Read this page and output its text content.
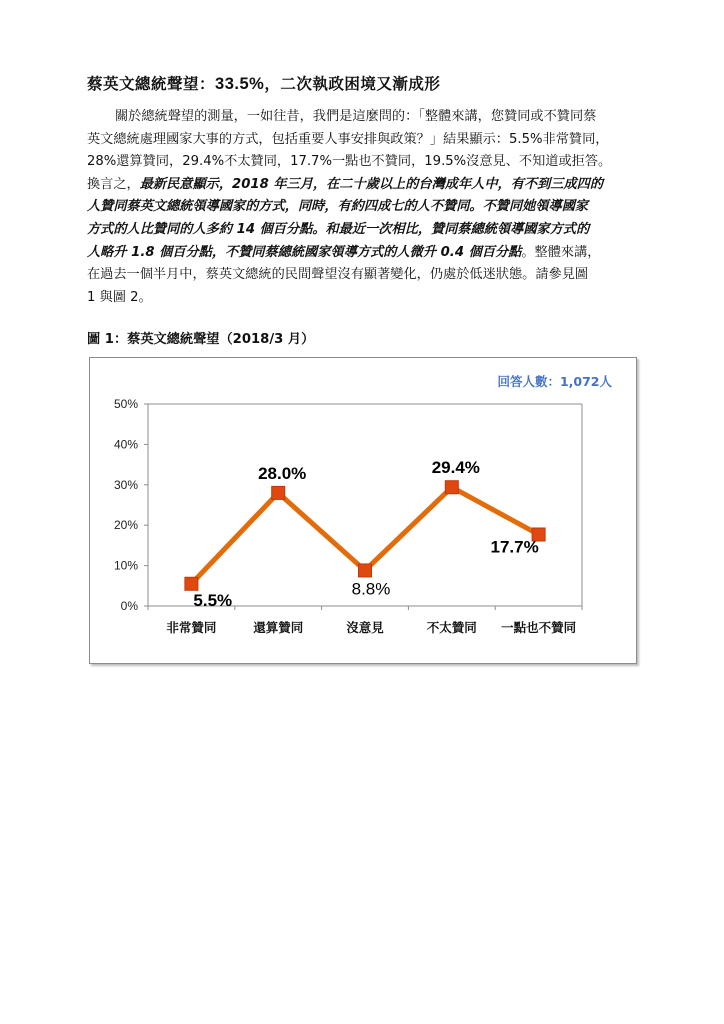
蔡英文總統聲望：33.5%，二次執政困境又漸成形
關於總統聲望的測量，一如往昔，我們是這麼問的：「整體來講，您贊同或不贊同蔡
英文總統處理國家大事的方式，包括重要人事安排與政策？」結果顯示：5.5%非常贊同，
28%還算贊同，29.4%不太贊同，17.7%一點也不贊同，19.5%沒意見、不知道或拒答。
換言之，最新民意顯示，2018 年三月，在二十歲以上的台灣成年人中，有不到三成四的
人贊同蔡英文總統領導國家的方式，同時，有約四成七的人不贊同。不贊同她領導國家
方式的人比贊同的人多約 14 個百分點。和最近一次相比，贊同蔡總統領導國家方式的
人略升 1.8 個百分點，不贊同蔡總統國家領導方式的人微升 0.4 個百分點。整體來講，
在過去一個半月中，蔡英文總統的民間聲望沒有顯著變化，仍處於低迷狀態。請參見圖
1 與圖 2。
圖 1：蔡英文總統聲望（2018/3 月）
回答人數：1,072人
0%
10%
20%
30%
40%
50%
非常贊同	還算贊同	沒意見	不太贊同 一點也不贊同
5.5%
28.0%
8.8%
29.4%
17.7%
